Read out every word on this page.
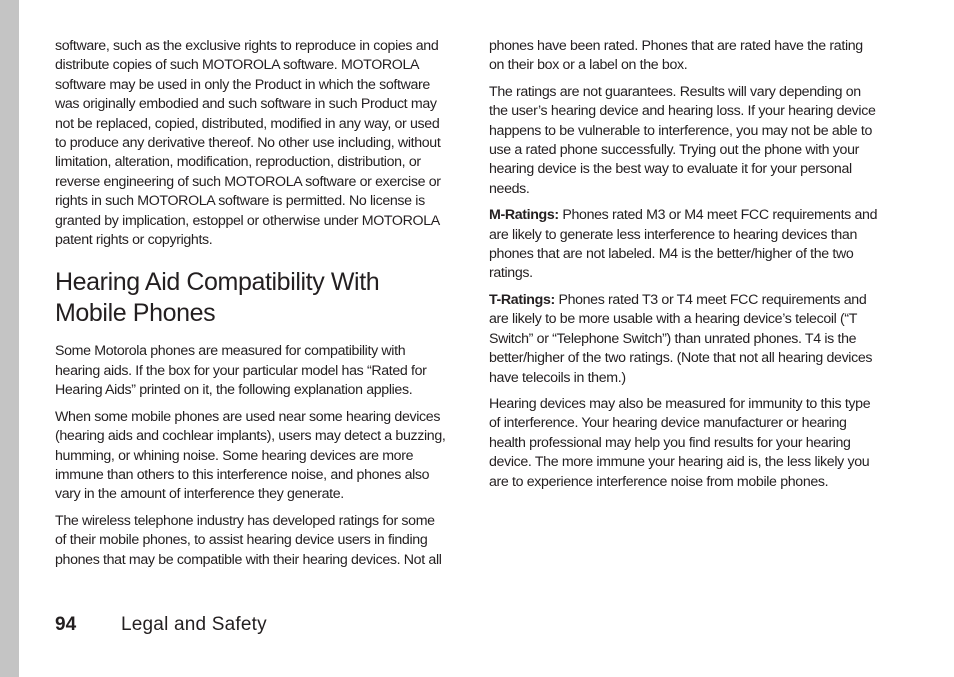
software, such as the exclusive rights to reproduce in copies and distribute copies of such MOTOROLA software. MOTOROLA software may be used in only the Product in which the software was originally embodied and such software in such Product may not be replaced, copied, distributed, modified in any way, or used to produce any derivative thereof. No other use including, without limitation, alteration, modification, reproduction, distribution, or reverse engineering of such MOTOROLA software or exercise or rights in such MOTOROLA software is permitted. No license is granted by implication, estoppel or otherwise under MOTOROLA patent rights or copyrights.

Hearing Aid Compatibility With Mobile Phones

Some Motorola phones are measured for compatibility with hearing aids. If the box for your particular model has “Rated for Hearing Aids” printed on it, the following explanation applies.

When some mobile phones are used near some hearing devices (hearing aids and cochlear implants), users may detect a buzzing, humming, or whining noise. Some hearing devices are more immune than others to this interference noise, and phones also vary in the amount of interference they generate.

The wireless telephone industry has developed ratings for some of their mobile phones, to assist hearing device users in finding phones that may be compatible with their hearing devices. Not all

phones have been rated. Phones that are rated have the rating on their box or a label on the box.

The ratings are not guarantees. Results will vary depending on the user’s hearing device and hearing loss. If your hearing device happens to be vulnerable to interference, you may not be able to use a rated phone successfully. Trying out the phone with your hearing device is the best way to evaluate it for your personal needs.

M-Ratings: Phones rated M3 or M4 meet FCC requirements and are likely to generate less interference to hearing devices than phones that are not labeled. M4 is the better/higher of the two ratings.

T-Ratings: Phones rated T3 or T4 meet FCC requirements and are likely to be more usable with a hearing device’s telecoil (“T Switch” or “Telephone Switch”) than unrated phones. T4 is the better/higher of the two ratings. (Note that not all hearing devices have telecoils in them.)

Hearing devices may also be measured for immunity to this type of interference. Your hearing device manufacturer or hearing health professional may help you find results for your hearing device. The more immune your hearing aid is, the less likely you are to experience interference noise from mobile phones.

94	Legal and Safety
